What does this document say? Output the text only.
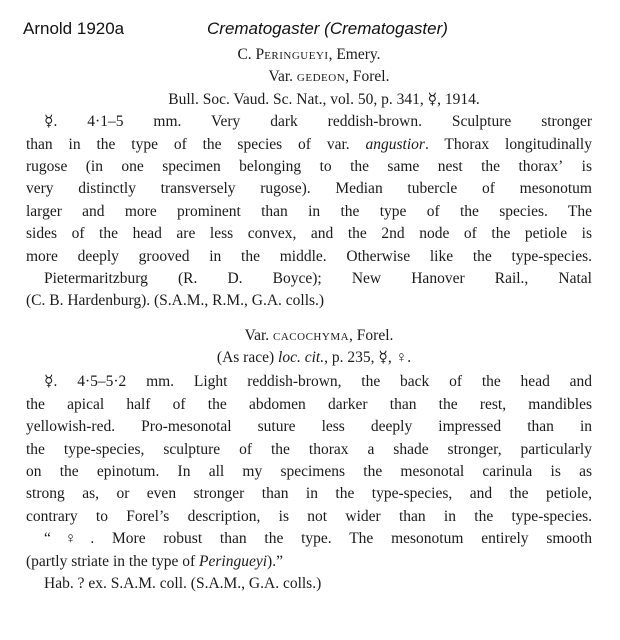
Arnold 1920a	Crematogaster (Crematogaster)
C. Peringueyi, Emery.
Var. gedeon, Forel.
Bull. Soc. Vaud. Sc. Nat., vol. 50, p. 341, ☿, 1914.
☿. 4·1–5 mm. Very dark reddish-brown. Sculpture stronger
than in the type of the species of var. angustior. Thorax longitudinally
rugose (in one specimen belonging to the same nest the thoraxʼ is
very distinctly transversely rugose). Median tubercle of mesonotum
larger and more prominent than in the type of the species. The
sides of the head are less convex, and the 2nd node of the petiole is
more deeply grooved in the middle. Otherwise like the type-species.
Pietermaritzburg (R. D. Boyce); New Hanover Rail., Natal
(C. B. Hardenburg). (S.A.M., R.M., G.A. colls.)
Var. cacochyma, Forel.
(As race) loc. cit., p. 235, ☿, ♀.
☿. 4·5–5·2 mm. Light reddish-brown, the back of the head and
the apical half of the abdomen darker than the rest, mandibles
yellowish-red. Pro-mesonotal suture less deeply impressed than in
the type-species, sculpture of the thorax a shade stronger, particularly
on the epinotum. In all my specimens the mesonotal carinula is as
strong as, or even stronger than in the type-species, and the petiole,
contrary to Forel’s description, is not wider than in the type-species.
“♀. More robust than the type. The mesonotum entirely smooth
(partly striate in the type of Peringueyi).”
Hab. ? ex. S.A.M. coll. (S.A.M., G.A. colls.)
